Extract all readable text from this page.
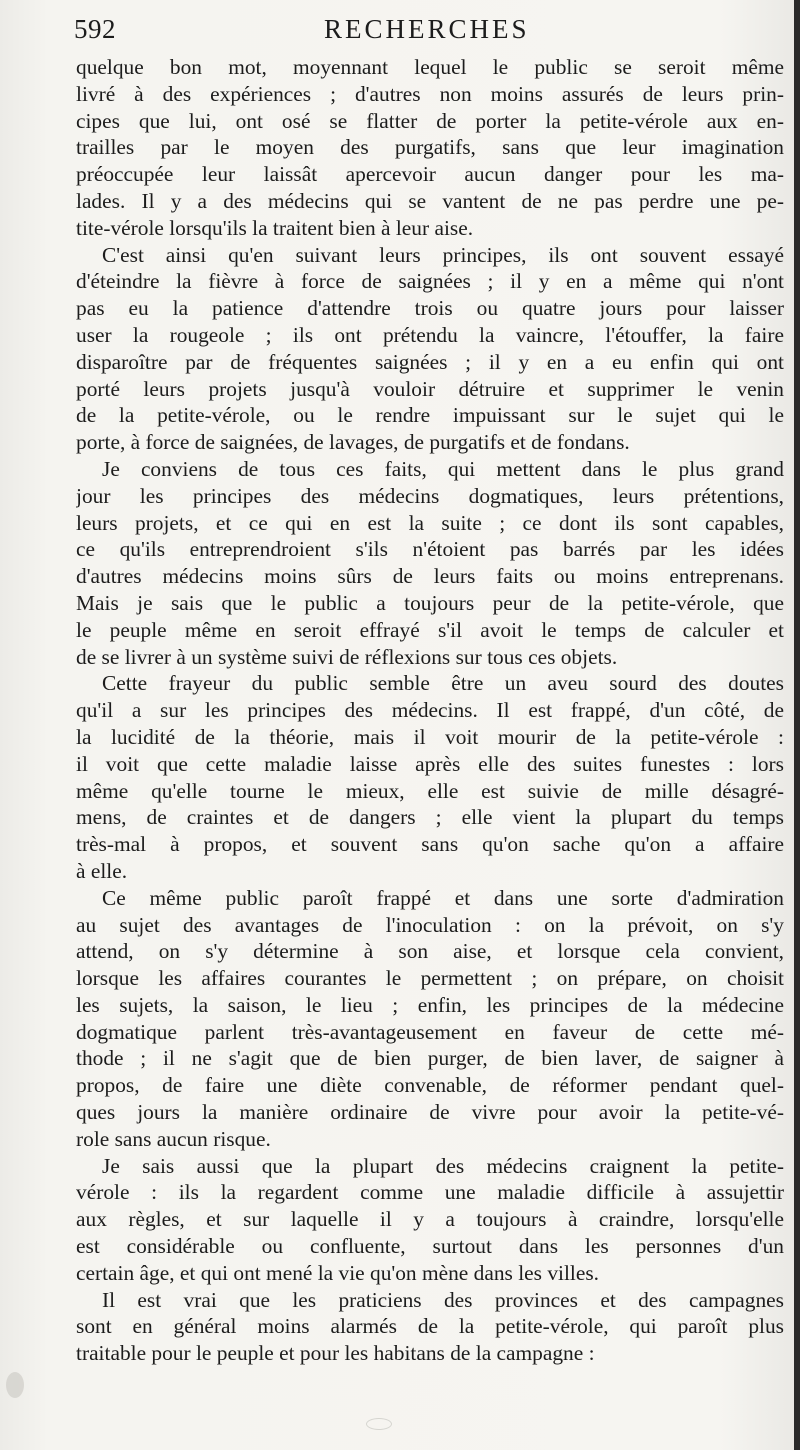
592	RECHERCHES
quelque bon mot, moyennant lequel le public se seroit même
livré à des expériences ; d'autres non moins assurés de leurs prin-
cipes que lui, ont osé se flatter de porter la petite-vérole aux en-
trailles par le moyen des purgatifs, sans que leur imagination
préoccupée leur laissât apercevoir aucun danger pour les ma-
lades. Il y a des médecins qui se vantent de ne pas perdre une pe-
tite-vérole lorsqu'ils la traitent bien à leur aise.
C'est ainsi qu'en suivant leurs principes, ils ont souvent essayé
d'éteindre la fièvre à force de saignées ; il y en a même qui n'ont
pas eu la patience d'attendre trois ou quatre jours pour laisser
user la rougeole ; ils ont prétendu la vaincre, l'étouffer, la faire
disparoître par de fréquentes saignées ; il y en a eu enfin qui ont
porté leurs projets jusqu'à vouloir détruire et supprimer le venin
de la petite-vérole, ou le rendre impuissant sur le sujet qui le
porte, à force de saignées, de lavages, de purgatifs et de fondans.
Je conviens de tous ces faits, qui mettent dans le plus grand
jour les principes des médecins dogmatiques, leurs prétentions,
leurs projets, et ce qui en est la suite ; ce dont ils sont capables,
ce qu'ils entreprendroient s'ils n'étoient pas barrés par les idées
d'autres médecins moins sûrs de leurs faits ou moins entreprenans.
Mais je sais que le public a toujours peur de la petite-vérole, que
le peuple même en seroit effrayé s'il avoit le temps de calculer et
de se livrer à un système suivi de réflexions sur tous ces objets.
Cette frayeur du public semble être un aveu sourd des doutes
qu'il a sur les principes des médecins. Il est frappé, d'un côté, de
la lucidité de la théorie, mais il voit mourir de la petite-vérole :
il voit que cette maladie laisse après elle des suites funestes : lors
même qu'elle tourne le mieux, elle est suivie de mille désagré-
mens, de craintes et de dangers ; elle vient la plupart du temps
très-mal à propos, et souvent sans qu'on sache qu'on a affaire
à elle.
Ce même public paroît frappé et dans une sorte d'admiration
au sujet des avantages de l'inoculation : on la prévoit, on s'y
attend, on s'y détermine à son aise, et lorsque cela convient,
lorsque les affaires courantes le permettent ; on prépare, on choisit
les sujets, la saison, le lieu ; enfin, les principes de la médecine
dogmatique parlent très-avantageusement en faveur de cette mé-
thode ; il ne s'agit que de bien purger, de bien laver, de saigner à
propos, de faire une diète convenable, de réformer pendant quel-
ques jours la manière ordinaire de vivre pour avoir la petite-vé-
role sans aucun risque.
Je sais aussi que la plupart des médecins craignent la petite-
vérole : ils la regardent comme une maladie difficile à assujettir
aux règles, et sur laquelle il y a toujours à craindre, lorsqu'elle
est considérable ou confluente, surtout dans les personnes d'un
certain âge, et qui ont mené la vie qu'on mène dans les villes.
Il est vrai que les praticiens des provinces et des campagnes
sont en général moins alarmés de la petite-vérole, qui paroît plus
traitable pour le peuple et pour les habitans de la campagne :
